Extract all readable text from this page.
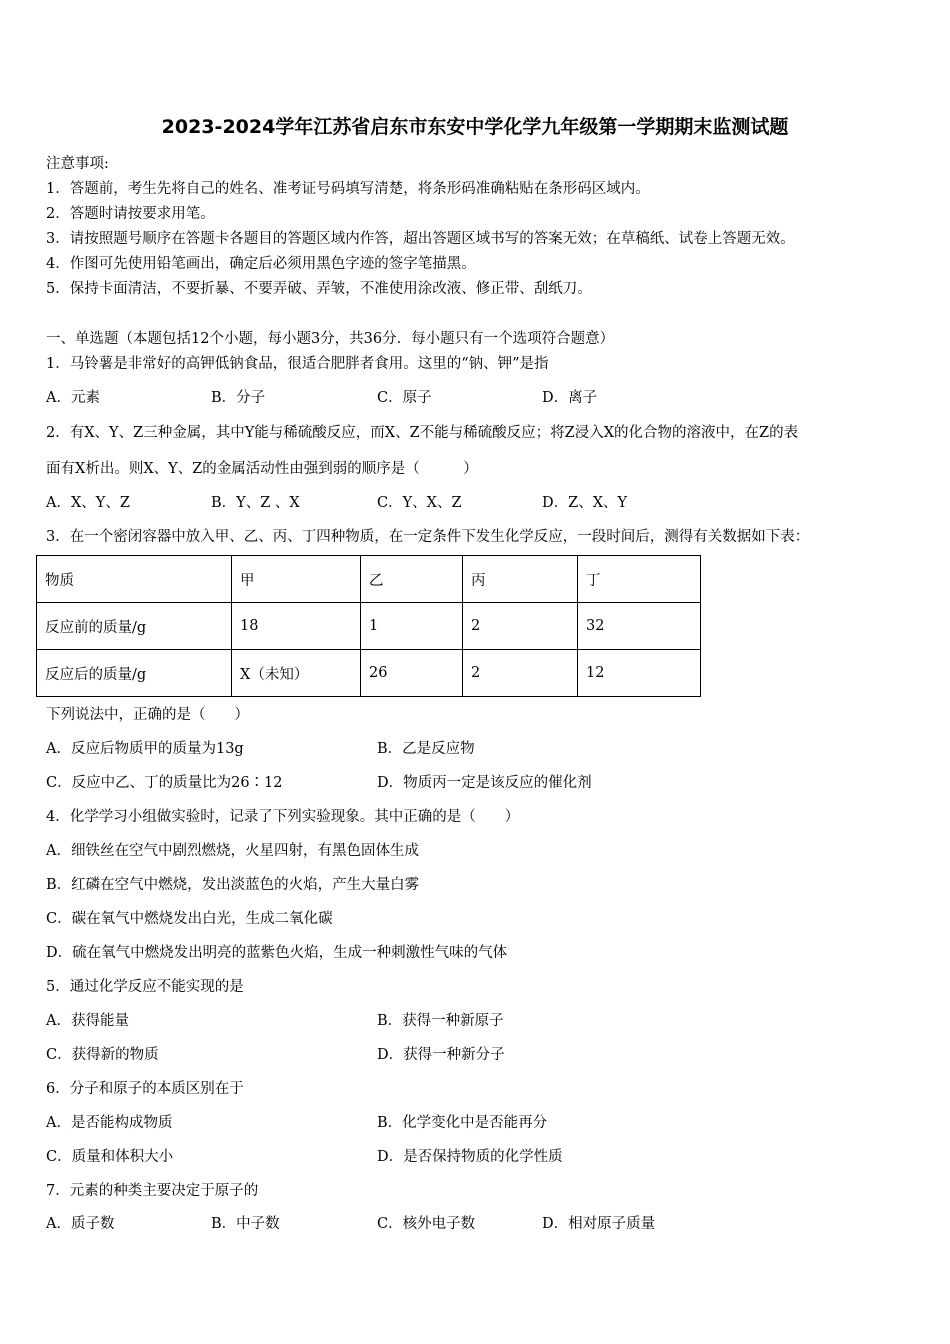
2023-2024学年江苏省启东市东安中学化学九年级第一学期期末监测试题
注意事项:
1．答题前，考生先将自己的姓名、准考证号码填写清楚，将条形码准确粘贴在条形码区域内。
2．答题时请按要求用笔。
3．请按照题号顺序在答题卡各题目的答题区域内作答，超出答题区域书写的答案无效；在草稿纸、试卷上答题无效。
4．作图可先使用铅笔画出，确定后必须用黑色字迹的签字笔描黑。
5．保持卡面清洁，不要折暴、不要弄破、弄皱，不准使用涂改液、修正带、刮纸刀。
一、单选题（本题包括12个小题，每小题3分，共36分．每小题只有一个选项符合题意）
1．马铃薯是非常好的高钾低钠食品，很适合肥胖者食用。这里的“钠、钾”是指
A．元素	B．分子	C．原子	D．离子
2．有X、Y、Z三种金属，其中Y能与稀硫酸反应，而X、Z不能与稀硫酸反应；将Z浸入X的化合物的溶液中，在Z的表
面有X析出。则X、Y、Z的金属活动性由强到弱的顺序是（　　　）
A．X、Y、Z	B．Y、Z 、X	C．Y、X、Z	D．Z、X、Y
3．在一个密闭容器中放入甲、乙、丙、丁四种物质，在一定条件下发生化学反应，一段时间后，测得有关数据如下表：
物质	甲	乙	丙	丁
反应前的质量/g	18	1	2	32
反应后的质量/g	X（未知）	26	2	12
下列说法中，正确的是（　　）
A．反应后物质甲的质量为13g	B．乙是反应物
C．反应中乙、丁的质量比为26∶12	D．物质丙一定是该反应的催化剂
4．化学学习小组做实验时，记录了下列实验现象。其中正确的是（　　）
A．细铁丝在空气中剧烈燃烧，火星四射，有黑色固体生成
B．红磷在空气中燃烧，发出淡蓝色的火焰，产生大量白雾
C．碳在氧气中燃烧发出白光，生成二氧化碳
D．硫在氧气中燃烧发出明亮的蓝紫色火焰，生成一种刺激性气味的气体
5．通过化学反应不能实现的是
A．获得能量	B．获得一种新原子
C．获得新的物质	D．获得一种新分子
6．分子和原子的本质区别在于
A．是否能构成物质	B．化学变化中是否能再分
C．质量和体积大小	D．是否保持物质的化学性质
7．元素的种类主要决定于原子的
A．质子数	B．中子数	C．核外电子数	D．相对原子质量
